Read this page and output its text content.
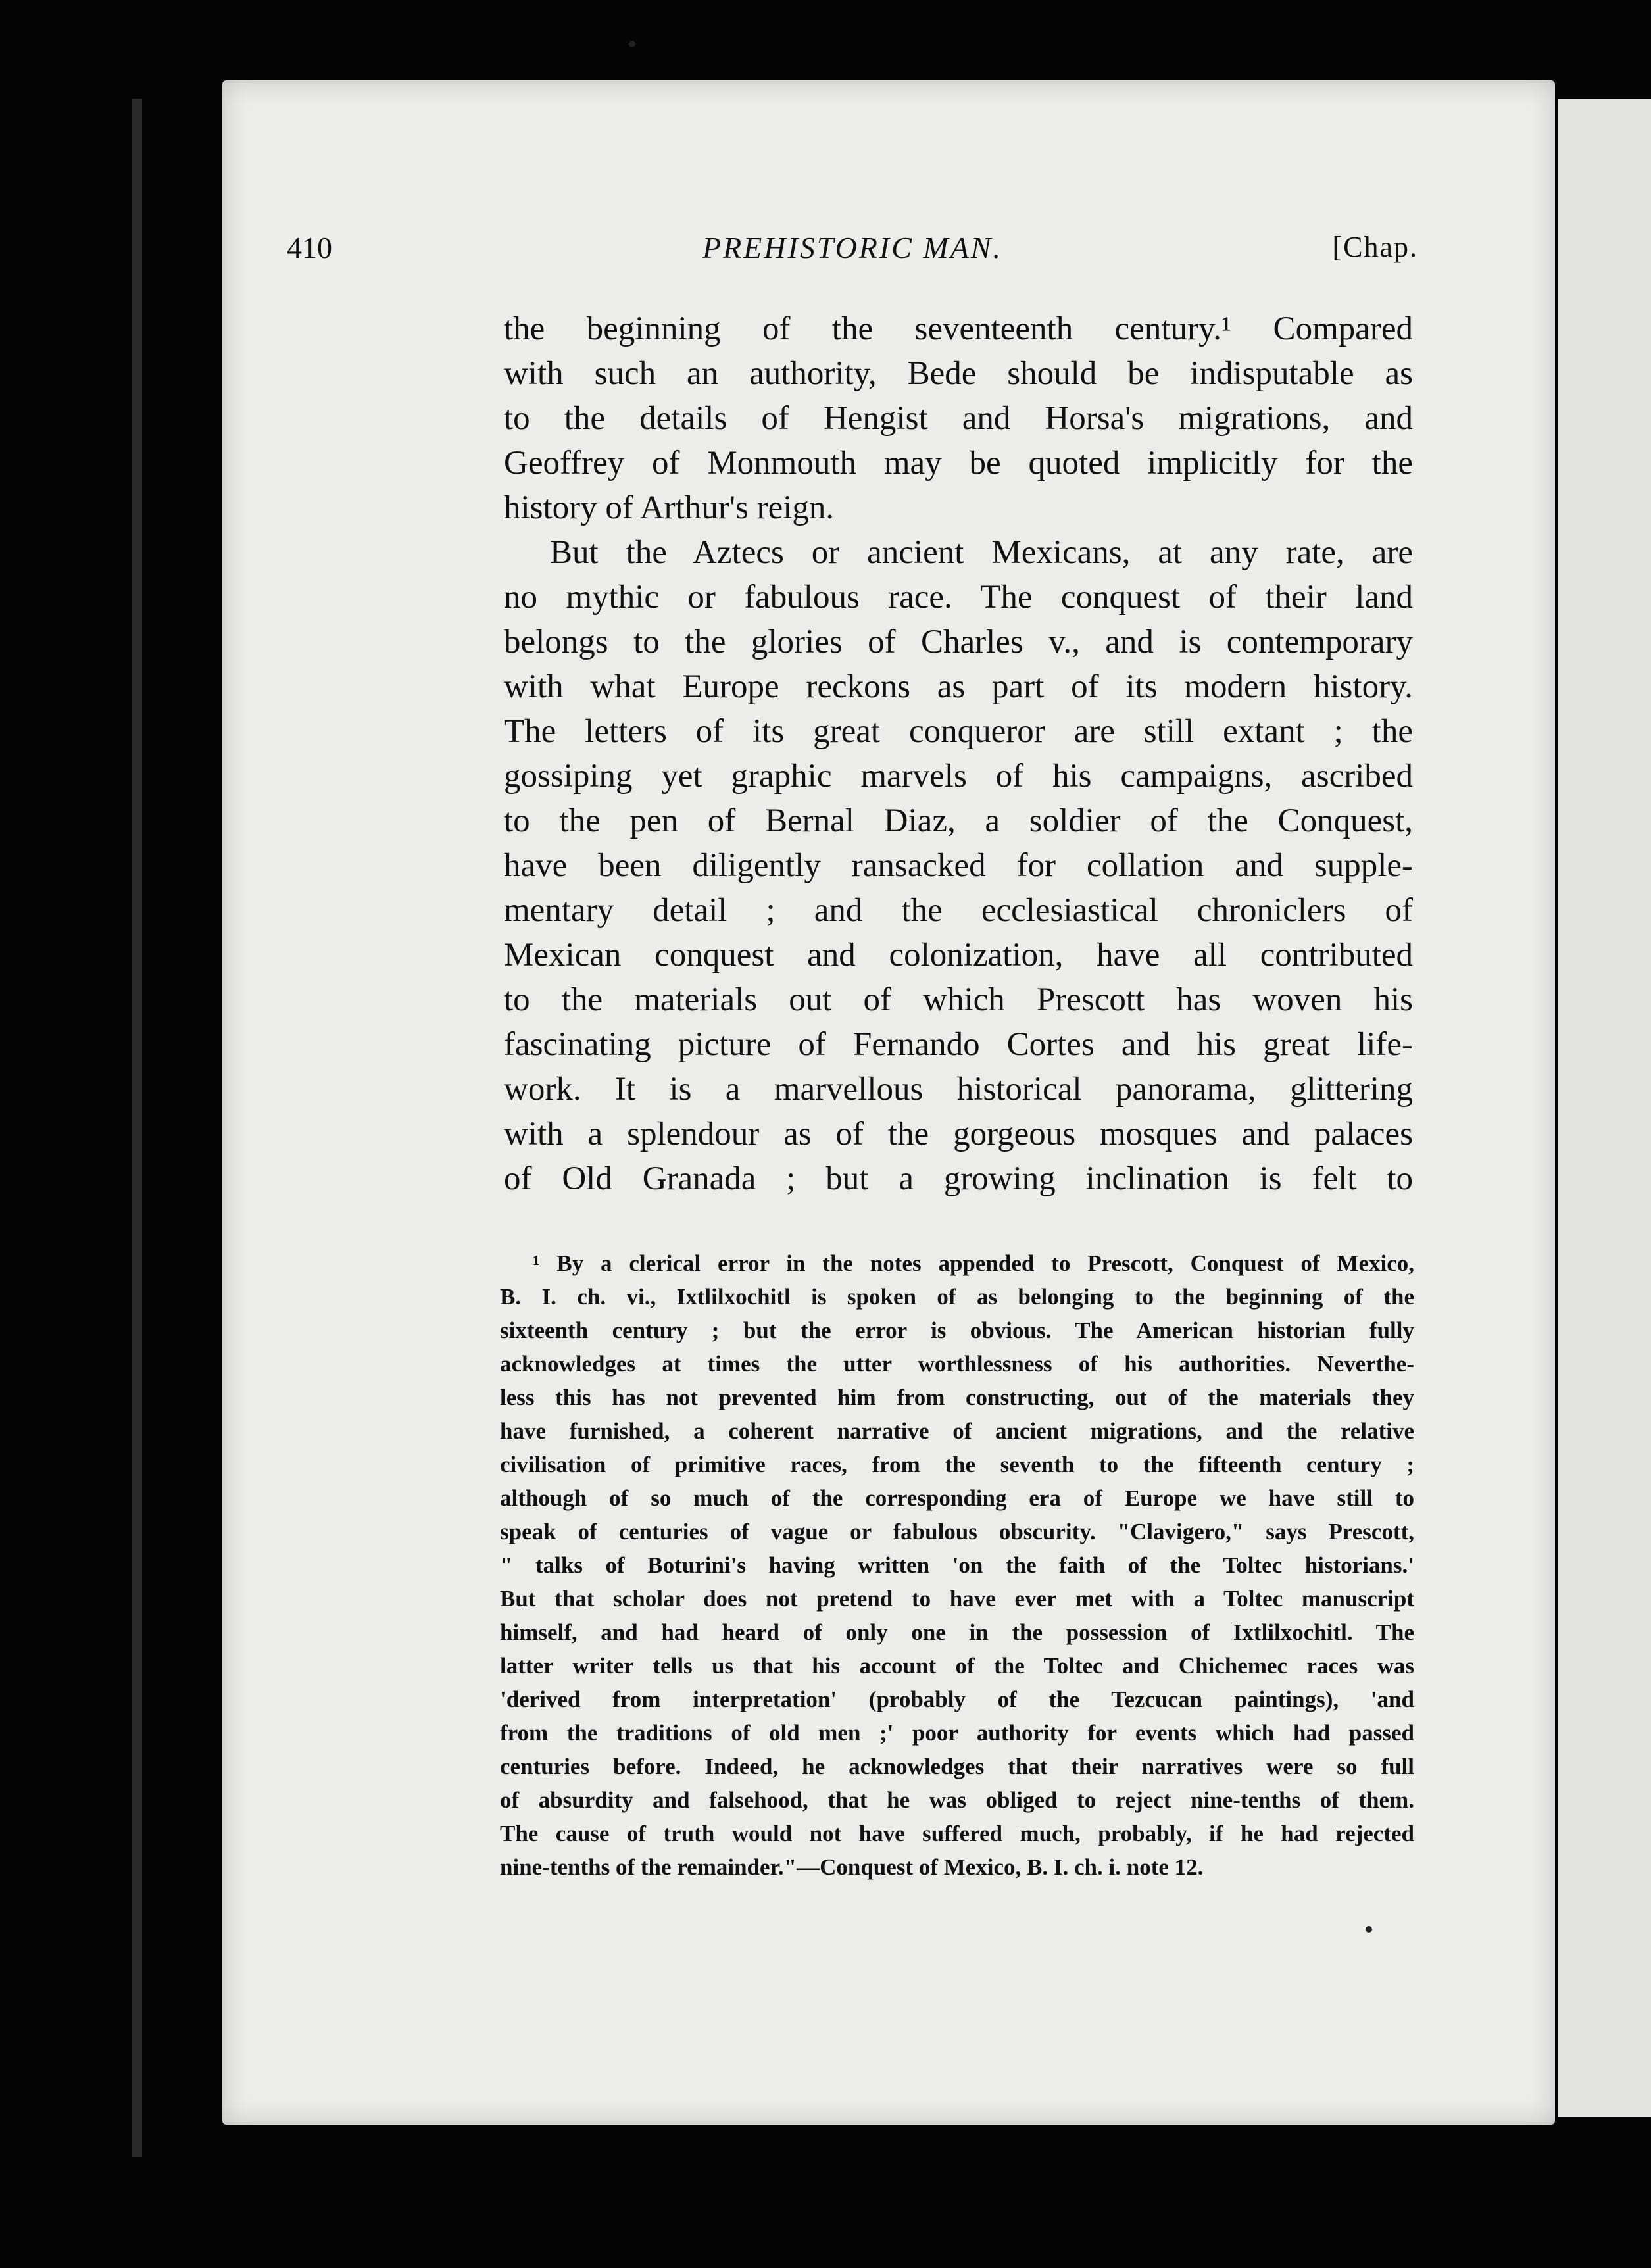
410	PREHISTORIC MAN.	[Chap.
the beginning of the seventeenth century.¹ Compared
with such an authority, Bede should be indisputable as
to the details of Hengist and Horsa's migrations, and
Geoffrey of Monmouth may be quoted implicitly for the
history of Arthur's reign.
But the Aztecs or ancient Mexicans, at any rate, are
no mythic or fabulous race. The conquest of their land
belongs to the glories of Charles v., and is contemporary
with what Europe reckons as part of its modern history.
The letters of its great conqueror are still extant ; the
gossiping yet graphic marvels of his campaigns, ascribed
to the pen of Bernal Diaz, a soldier of the Conquest,
have been diligently ransacked for collation and supple-
mentary detail ; and the ecclesiastical chroniclers of
Mexican conquest and colonization, have all contributed
to the materials out of which Prescott has woven his
fascinating picture of Fernando Cortes and his great life-
work. It is a marvellous historical panorama, glittering
with a splendour as of the gorgeous mosques and palaces
of Old Granada ; but a growing inclination is felt to
¹ By a clerical error in the notes appended to Prescott, Conquest of Mexico,
B. I. ch. vi., Ixtlilxochitl is spoken of as belonging to the beginning of the
sixteenth century ; but the error is obvious. The American historian fully
acknowledges at times the utter worthlessness of his authorities. Neverthe-
less this has not prevented him from constructing, out of the materials they
have furnished, a coherent narrative of ancient migrations, and the relative
civilisation of primitive races, from the seventh to the fifteenth century ;
although of so much of the corresponding era of Europe we have still to
speak of centuries of vague or fabulous obscurity. "Clavigero," says Prescott,
" talks of Boturini's having written 'on the faith of the Toltec historians.'
But that scholar does not pretend to have ever met with a Toltec manuscript
himself, and had heard of only one in the possession of Ixtlilxochitl. The
latter writer tells us that his account of the Toltec and Chichemec races was
'derived from interpretation' (probably of the Tezcucan paintings), 'and
from the traditions of old men ;' poor authority for events which had passed
centuries before. Indeed, he acknowledges that their narratives were so full
of absurdity and falsehood, that he was obliged to reject nine-tenths of them.
The cause of truth would not have suffered much, probably, if he had rejected
nine-tenths of the remainder."—Conquest of Mexico, B. I. ch. i. note 12.
